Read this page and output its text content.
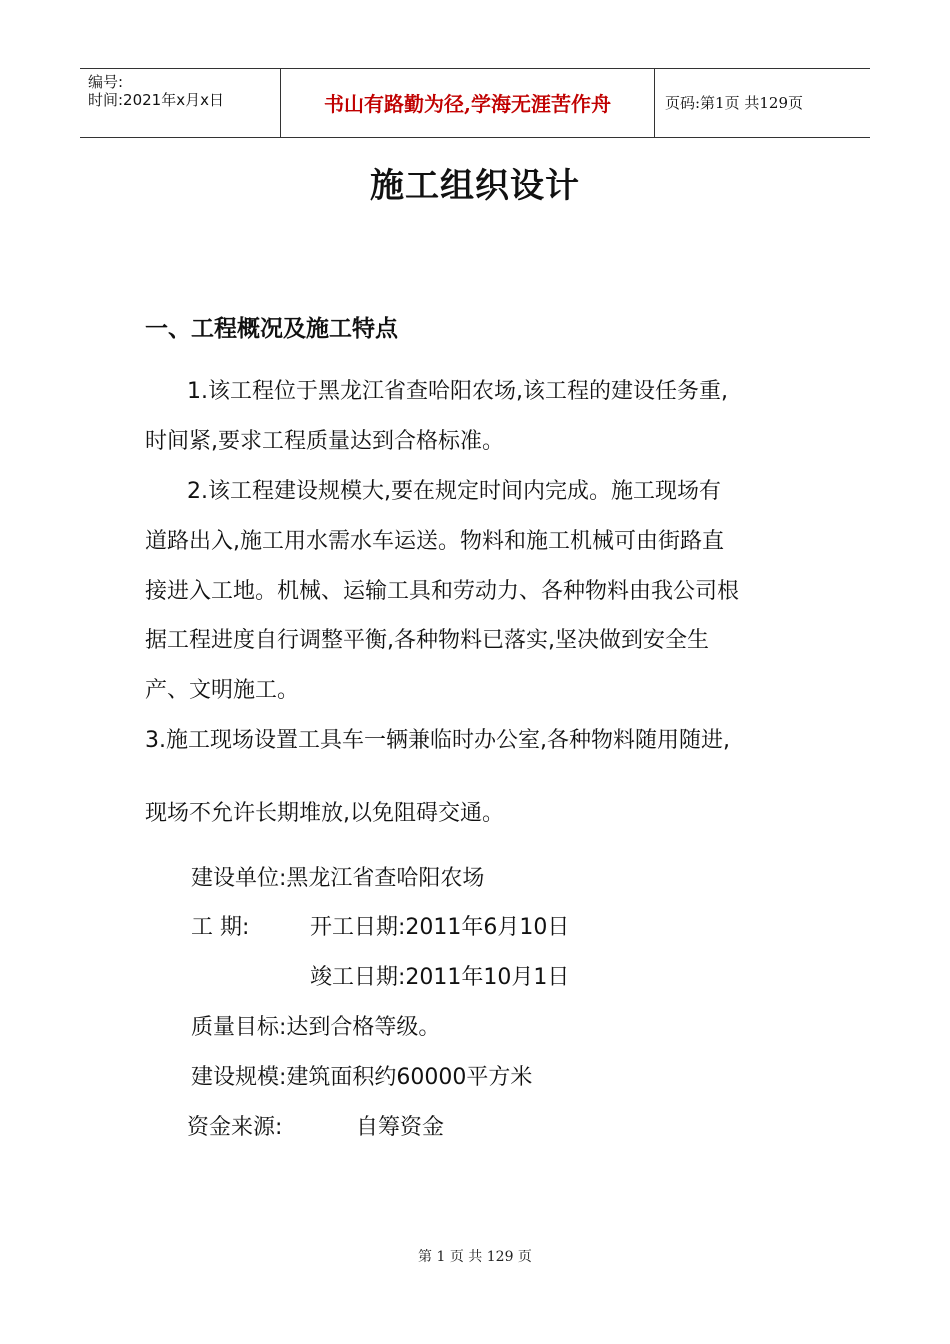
编号:
时间:2021年x月x日	书山有路勤为径,学海无涯苦作舟	页码:第1页 共129页
施工组织设计
一、工程概况及施工特点
1.该工程位于黑龙江省查哈阳农场,该工程的建设任务重,
时间紧,要求工程质量达到合格标准。
2.该工程建设规模大,要在规定时间内完成。施工现场有
道路出入,施工用水需水车运送。物料和施工机械可由街路直
接进入工地。机械、运输工具和劳动力、各种物料由我公司根
据工程进度自行调整平衡,各种物料已落实,坚决做到安全生
产、文明施工。
3.施工现场设置工具车一辆兼临时办公室,各种物料随用随进,
现场不允许长期堆放,以免阻碍交通。
建设单位:黑龙江省查哈阳农场
工 期:	开工日期:2011年6月10日
竣工日期:2011年10月1日
质量目标:达到合格等级。
建设规模:建筑面积约60000平方米
资金来源:	自筹资金
第 1 页 共 129 页
